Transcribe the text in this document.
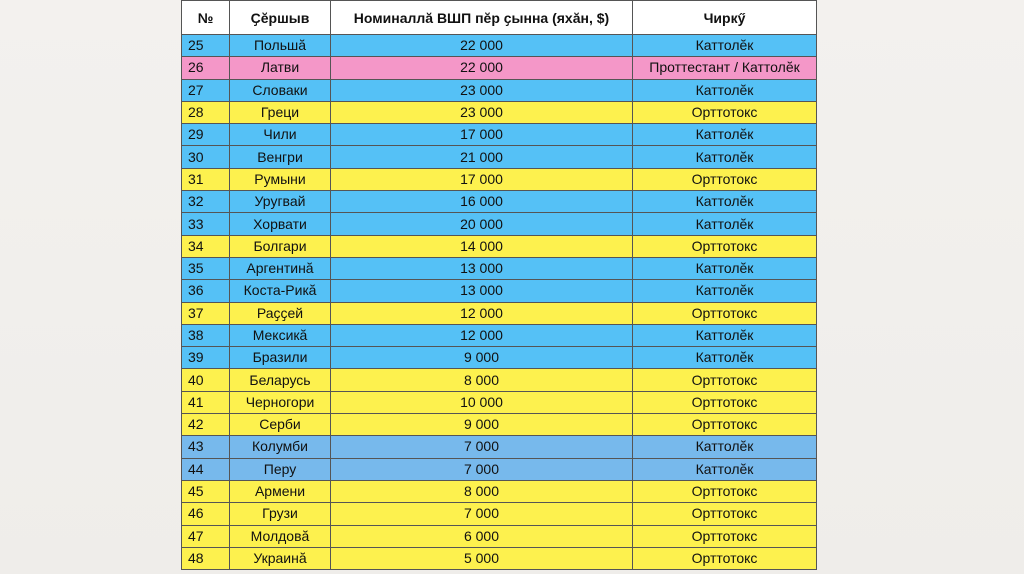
№	Ҫӗршыв	Номиналлӑ ВШП пӗр ҫынна (яхӑн, $)	Чиркӳ
25	Польшӑ	22 000	Каттолӗк
26	Латви	22 000	Проттестант / Каттолӗк
27	Словаки	23 000	Каттолӗк
28	Греци	23 000	Орттотокс
29	Чили	17 000	Каттолӗк
30	Венгри	21 000	Каттолӗк
31	Румыни	17 000	Орттотокс
32	Уругвай	16 000	Каттолӗк
33	Хорвати	20 000	Каттолӗк
34	Болгари	14 000	Орттотокс
35	Аргентинӑ	13 000	Каттолӗк
36	Коста-Рикӑ	13 000	Каттолӗк
37	Раҫҫей	12 000	Орттотокс
38	Мексикӑ	12 000	Каттолӗк
39	Бразили	9 000	Каттолӗк
40	Беларусь	8 000	Орттотокс
41	Черногори	10 000	Орттотокс
42	Серби	9 000	Орттотокс
43	Колумби	7 000	Каттолӗк
44	Перу	7 000	Каттолӗк
45	Армени	8 000	Орттотокс
46	Грузи	7 000	Орттотокс
47	Молдовӑ	6 000	Орттотокс
48	Украинӑ	5 000	Орттотокс
